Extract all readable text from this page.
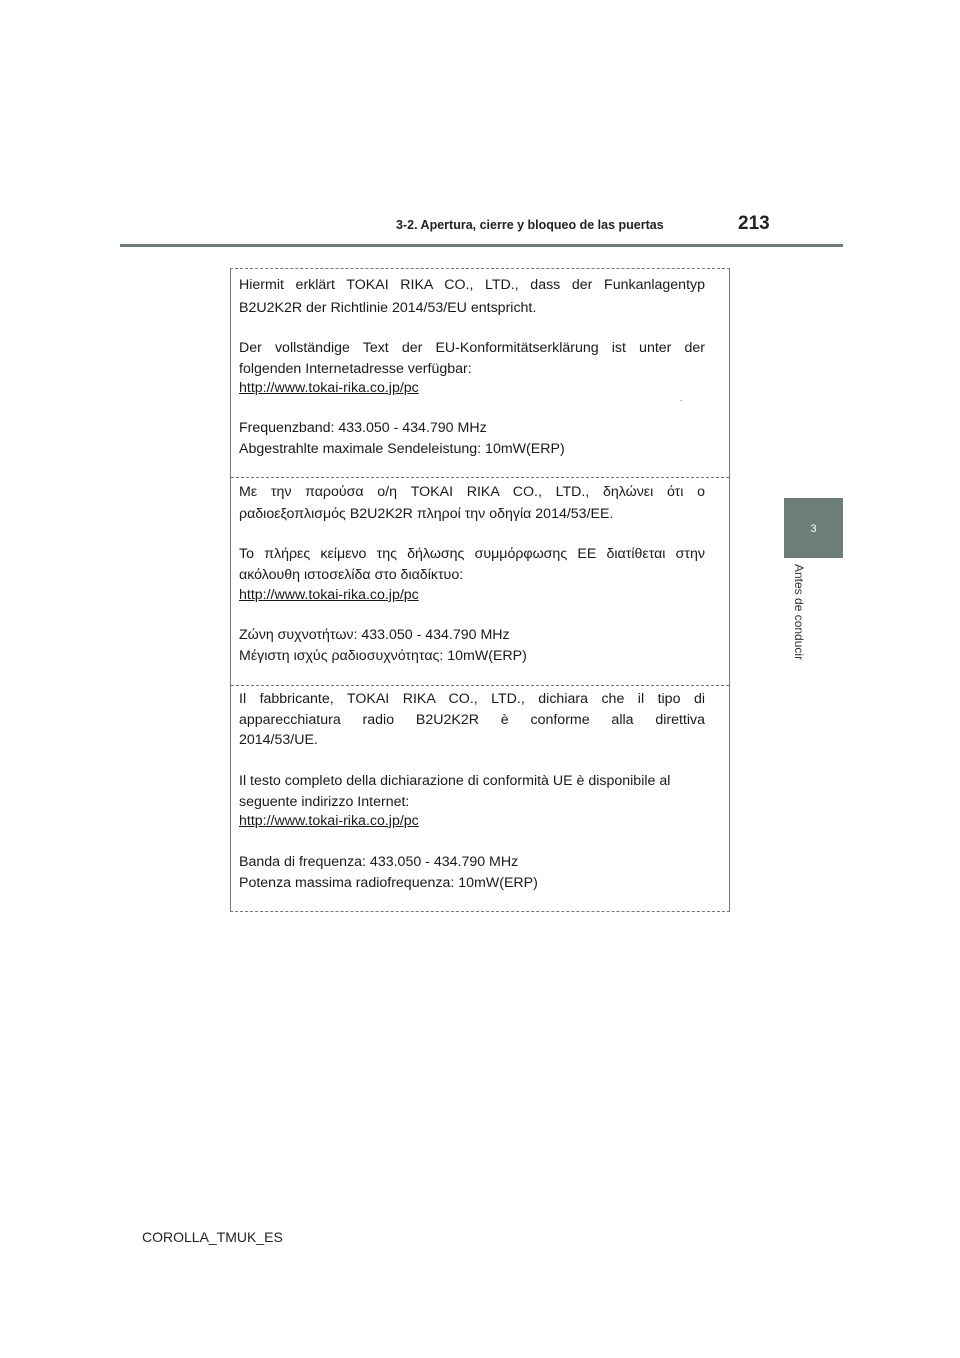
3-2. Apertura, cierre y bloqueo de las puertas	213
3
Antes de conducir
Hiermit erklärt TOKAI RIKA CO., LTD., dass der Funkanlagentyp
B2U2K2R der Richtlinie 2014/53/EU entspricht.
Der vollständige Text der EU-Konformitätserklärung ist unter der
folgenden Internetadresse verfügbar:
http://www.tokai-rika.co.jp/pc
Frequenzband: 433.050 - 434.790 MHz
Abgestrahlte maximale Sendeleistung: 10mW(ERP)
Με την παρούσα ο/η TOKAI RIKA CO., LTD., δηλώνει ότι ο
ραδιοεξοπλισμός B2U2K2R πληροί την οδηγία 2014/53/ΕΕ.
Το πλήρες κείμενο της δήλωσης συμμόρφωσης ΕΕ διατίθεται στην
ακόλουθη ιστοσελίδα στο διαδίκτυο:
http://www.tokai-rika.co.jp/pc
Ζώνη συχνοτήτων: 433.050 - 434.790 MHz
Μέγιστη ισχύς ραδιοσυχνότητας: 10mW(ERP)
Il fabbricante, TOKAI RIKA CO., LTD., dichiara che il tipo di
apparecchiatura radio B2U2K2R è conforme alla direttiva
2014/53/UE.
Il testo completo della dichiarazione di conformità UE è disponibile al
seguente indirizzo Internet:
http://www.tokai-rika.co.jp/pc
Banda di frequenza: 433.050 - 434.790 MHz
Potenza massima radiofrequenza: 10mW(ERP)
COROLLA_TMUK_ES
